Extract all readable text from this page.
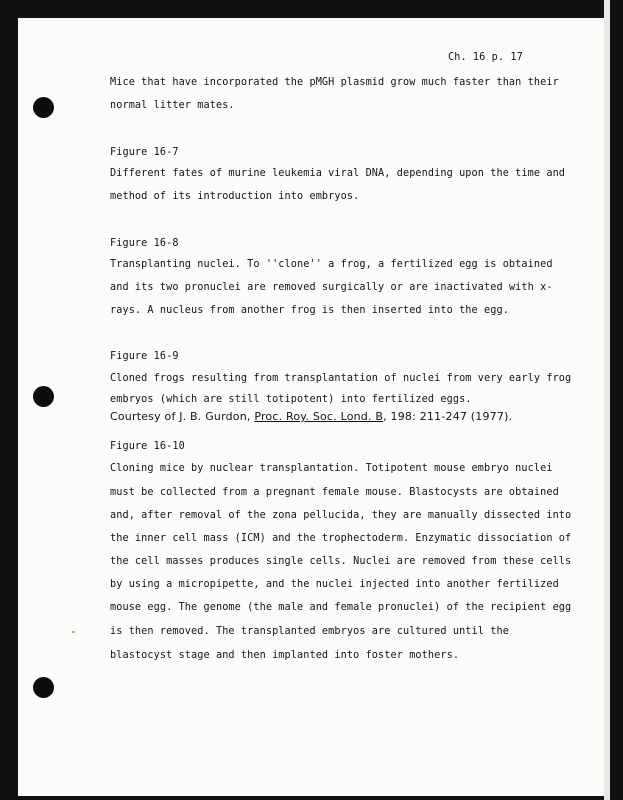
Ch. 16 p. 17

Mice that have incorporated the pMGH plasmid grow much faster than their

normal litter mates.

Figure 16-7

Different fates of murine leukemia viral DNA, depending upon the time and

method of its introduction into embryos.

Figure 16-8

Transplanting nuclei. To ''clone'' a frog, a fertilized egg is obtained

and its two pronuclei are removed surgically or are inactivated with x-

rays. A nucleus from another frog is then inserted into the egg.

Figure 16-9

Cloned frogs resulting from transplantation of nuclei from very early frog

embryos (which are still totipotent) into fertilized eggs.

Courtesy of J. B. Gurdon, Proc. Roy. Soc. Lond. B, 198: 211-247 (1977).

Figure 16-10

Cloning mice by nuclear transplantation. Totipotent mouse embryo nuclei

must be collected from a pregnant female mouse. Blastocysts are obtained

and, after removal of the zona pellucida, they are manually dissected into

the inner cell mass (ICM) and the trophectoderm. Enzymatic dissociation of

the cell masses produces single cells. Nuclei are removed from these cells

by using a micropipette, and the nuclei injected into another fertilized

mouse egg. The genome (the male and female pronuclei) of the recipient egg

is then removed. The transplanted embryos are cultured until the

blastocyst stage and then implanted into foster mothers.
